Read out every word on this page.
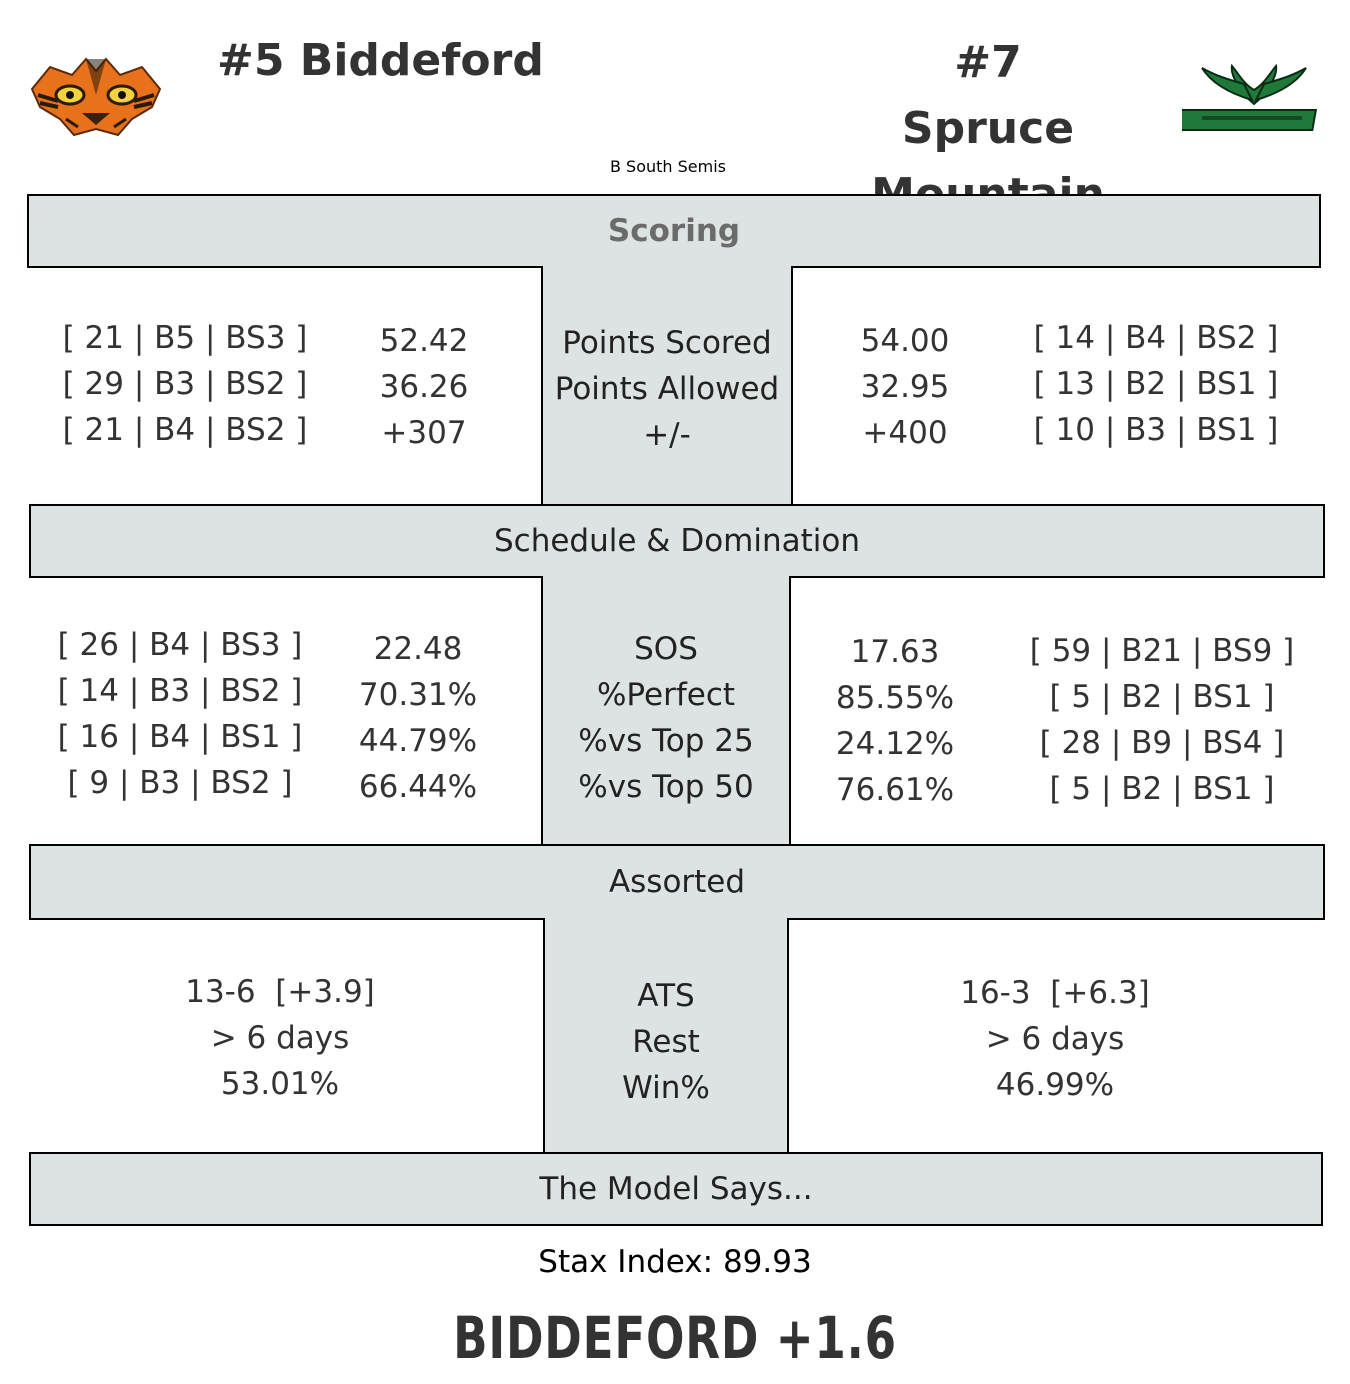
#5 Biddeford	#7 Spruce
B South Semis
Scoring
Points Scored
Points Allowed
+/-
[ 21 | B5 | BS3 ]
[ 29 | B3 | BS2 ]
[ 21 | B4 | BS2 ]
52.42
36.26
+307
54.00
32.95
+400
[ 14 | B4 | BS2 ]
[ 13 | B2 | BS1 ]
[ 10 | B3 | BS1 ]
Schedule & Domination
SOS
%Perfect
%vs Top 25
%vs Top 50
[ 26 | B4 | BS3 ]
[ 14 | B3 | BS2 ]
[ 16 | B4 | BS1 ]
[ 9 | B3 | BS2 ]
22.48
70.31%
44.79%
66.44%
17.63
85.55%
24.12%
76.61%
[ 59 | B21 | BS9 ]
[ 5 | B2 | BS1 ]
[ 28 | B9 | BS4 ]
[ 5 | B2 | BS1 ]
Assorted
ATS
Rest
Win%
13-6  [+3.9]
> 6 days
53.01%
16-3  [+6.3]
> 6 days
46.99%
The Model Says...
Stax Index: 89.93
BIDDEFORD +1.6
